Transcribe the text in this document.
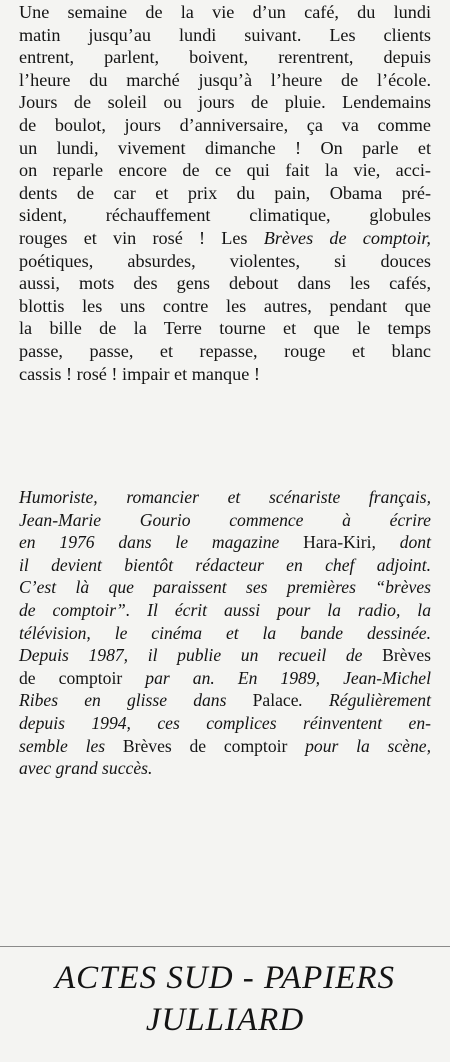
Une semaine de la vie d’un café, du lundi
matin jusqu’au lundi suivant. Les clients
entrent, parlent, boivent, rerentrent, depuis
l’heure du marché jusqu’à l’heure de l’école.
Jours de soleil ou jours de pluie. Lendemains
de boulot, jours d’anniversaire, ça va comme
un lundi, vivement dimanche ! On parle et
on reparle encore de ce qui fait la vie, acci-
dents de car et prix du pain, Obama pré-
sident, réchauffement climatique, globules
rouges et vin rosé ! Les Brèves de comptoir,
poétiques, absurdes, violentes, si douces
aussi, mots des gens debout dans les cafés,
blottis les uns contre les autres, pendant que
la bille de la Terre tourne et que le temps
passe, passe, et repasse, rouge et blanc
cassis ! rosé ! impair et manque !
Humoriste, romancier et scénariste français,
Jean-Marie Gourio commence à écrire
en 1976 dans le magazine Hara-Kiri, dont
il devient bientôt rédacteur en chef adjoint.
C’est là que paraissent ses premières “brèves
de comptoir”. Il écrit aussi pour la radio, la
télévision, le cinéma et la bande dessinée.
Depuis 1987, il publie un recueil de Brèves
de comptoir par an. En 1989, Jean-Michel
Ribes en glisse dans Palace. Régulièrement
depuis 1994, ces complices réinventent en-
semble les Brèves de comptoir pour la scène,
avec grand succès.

ACTES SUD - PAPIERS

JULLIARD
